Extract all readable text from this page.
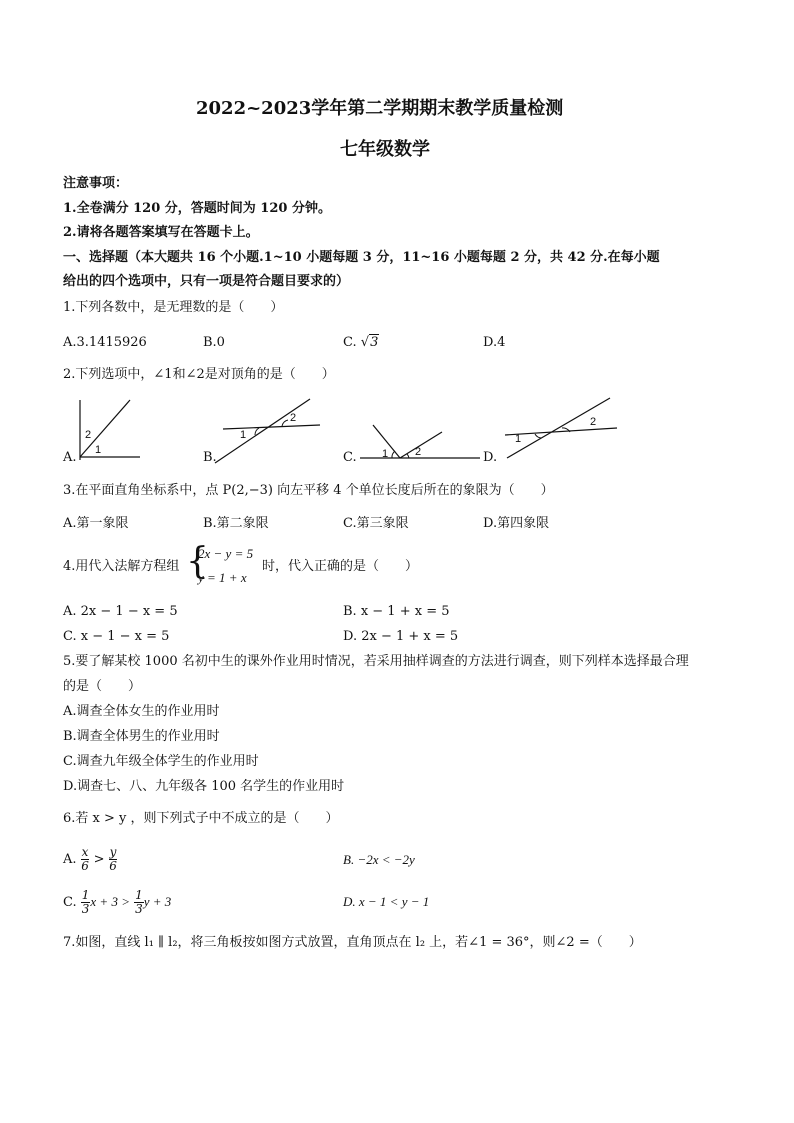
2022~2023学年第二学期期末教学质量检测
七年级数学
注意事项：
1.全卷满分 120 分，答题时间为 120 分钟。
2.请将各题答案填写在答题卡上。
一、选择题（本大题共 16 个小题.1~10 小题每题 3 分，11~16 小题每题 2 分，共 42 分.在每小题
给出的四个选项中，只有一项是符合题目要求的）
1.下列各数中，是无理数的是（　　）
A.3.1415926	B.0	C. √3	D.4
2.下列选项中，∠1和∠2是对顶角的是（　　）
2
1
1
2
1 2
1
2
A.	B.	C.	D.
3.在平面直角坐标系中，点 P(2,−3) 向左平移 4 个单位长度后所在的象限为（　　）
A.第一象限	B.第二象限	C.第三象限	D.第四象限
4.用代入法解方程组 {
2x − y = 5
y = 1 + x
时，代入正确的是（　　）
A. 2x − 1 − x = 5	B. x − 1 + x = 5
C. x − 1 − x = 5	D. 2x − 1 + x = 5
5.要了解某校 1000 名初中生的课外作业用时情况，若采用抽样调查的方法进行调查，则下列样本选择最合理
的是（　　）
A.调查全体女生的作业用时
B.调查全体男生的作业用时
C.调查九年级全体学生的作业用时
D.调查七、八、九年级各 100 名学生的作业用时
6.若 x > y ，则下列式子中不成立的是（　　）
A. $\frac{x}{6} > \frac{y}{6}$	B. −2x < −2y
C. $\frac{1}{3}$ $x + 3 > \frac{1}{3}$ y + 3	D. x − 1 < y − 1
7.如图，直线 l₁ ∥ l₂，将三角板按如图方式放置，直角顶点在 l₂ 上，若∠1 = 36°，则∠2 =（　　）
